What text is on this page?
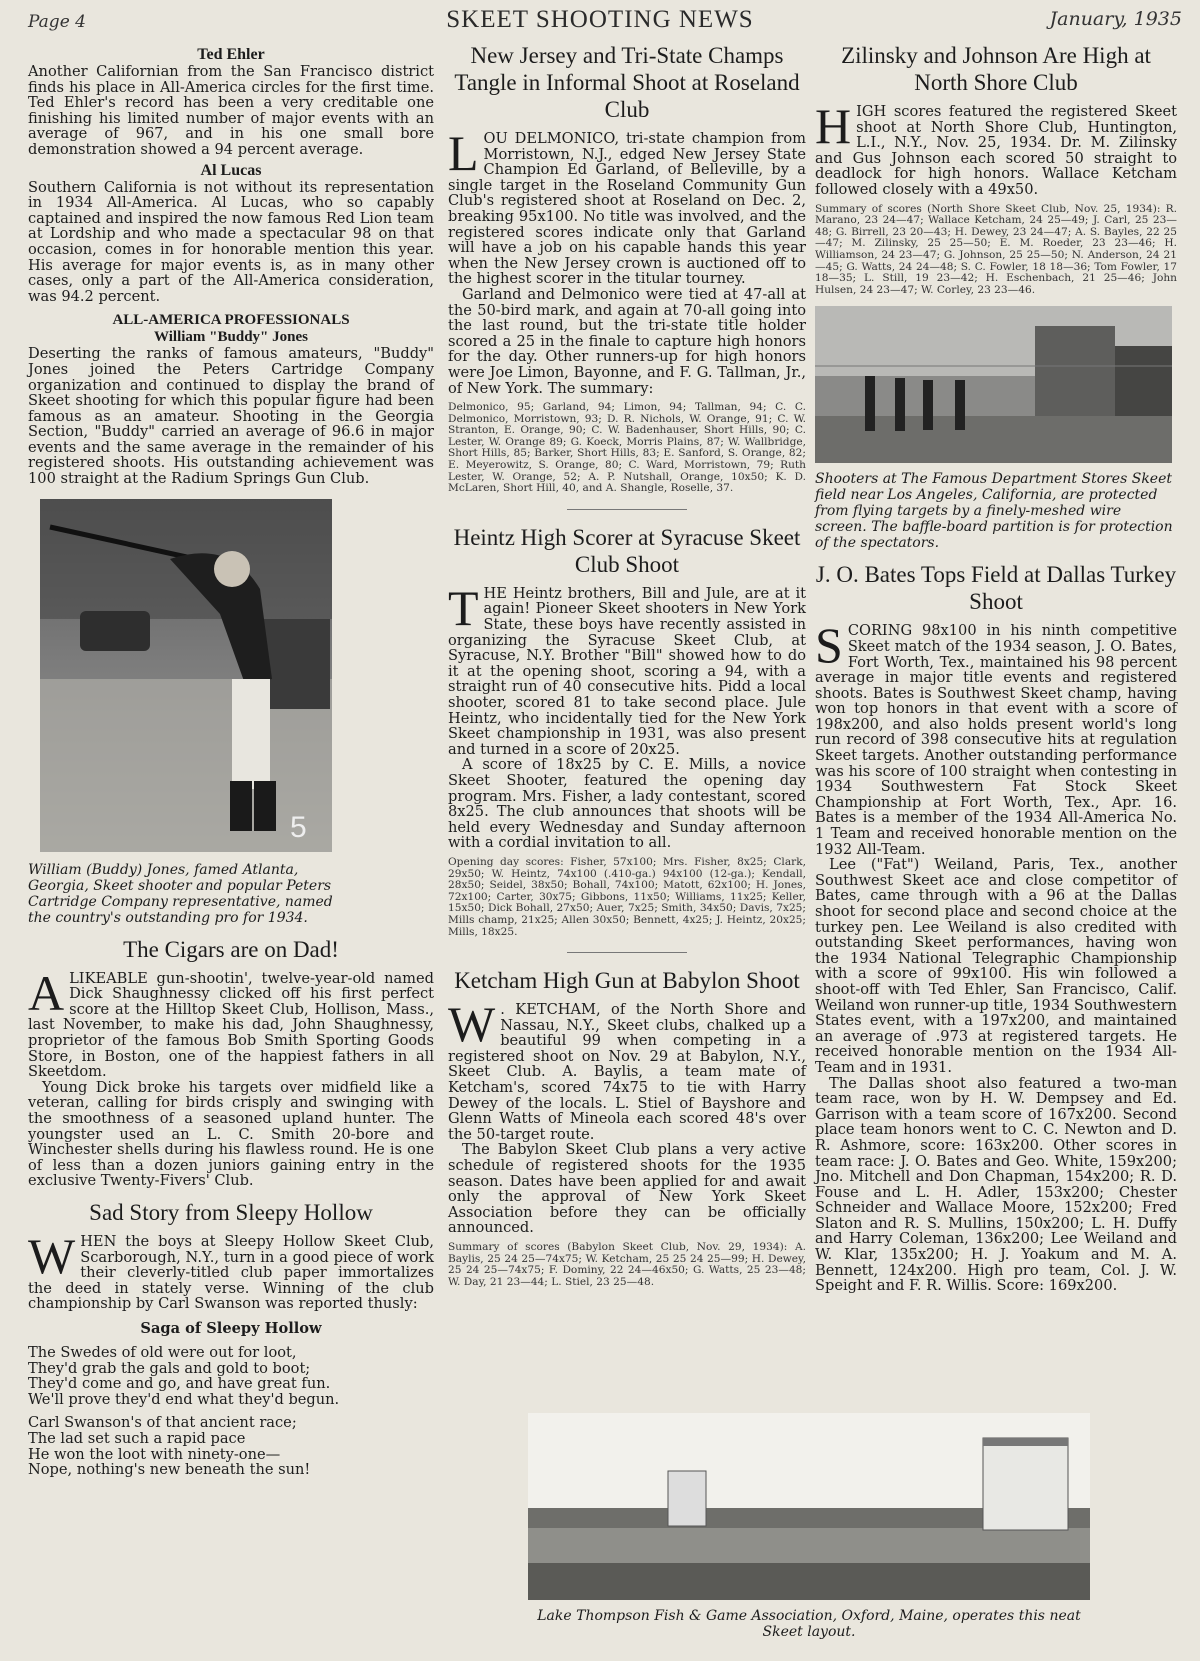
Page 4	SKEET SHOOTING NEWS	January, 1935
Ted Ehler

Another Californian from the San Francisco district finds his place in All-America circles for the first time. Ted Ehler's record has been a very creditable one finishing his limited number of major events with an average of 967, and in his one small bore demonstration showed a 94 percent average.

Al Lucas

Southern California is not without its representation in 1934 All-America. Al Lucas, who so capably captained and inspired the now famous Red Lion team at Lordship and who made a spectacular 98 on that occasion, comes in for honorable mention this year. His average for major events is, as in many other cases, only a part of the All-America consideration, was 94.2 percent.

ALL-AMERICA PROFESSIONALS
William "Buddy" Jones

Deserting the ranks of famous amateurs, "Buddy" Jones joined the Peters Cartridge Company organization and continued to display the brand of Skeet shooting for which this popular figure had been famous as an amateur. Shooting in the Georgia Section, "Buddy" carried an average of 96.6 in major events and the same average in the remainder of his registered shoots. His outstanding achievement was 100 straight at the Radium Springs Gun Club.

5
William (Buddy) Jones, famed Atlanta, Georgia, Skeet shooter and popular Peters Cartridge Company representative, named the country's outstanding pro for 1934.
The Cigars are on Dad!
A LIKEABLE gun-shootin', twelve-year-old named Dick Shaughnessy clicked off his first perfect score at the Hilltop Skeet Club, Hollison, Mass., last November, to make his dad, John Shaughnessy, proprietor of the famous Bob Smith Sporting Goods Store, in Boston, one of the happiest fathers in all Skeetdom.

Young Dick broke his targets over midfield like a veteran, calling for birds crisply and swinging with the smoothness of a seasoned upland hunter. The youngster used an L. C. Smith 20-bore and Winchester shells during his flawless round. He is one of less than a dozen juniors gaining entry in the exclusive Twenty-Fivers' Club.

Sad Story from Sleepy Hollow
W HEN the boys at Sleepy Hollow Skeet Club, Scarborough, N.Y., turn in a good piece of work their cleverly-titled club paper immortalizes the deed in stately verse. Winning of the club championship by Carl Swanson was reported thusly:
Saga of Sleepy Hollow
The Swedes of old were out for loot,
They'd grab the gals and gold to boot;
They'd come and go, and have great fun.
We'll prove they'd end what they'd begun.
Carl Swanson's of that ancient race;
The lad set such a rapid pace
He won the loot with ninety-one—
Nope, nothing's new beneath the sun!
New Jersey and Tri-State Champs Tangle in Informal Shoot at Roseland Club
L OU DELMONICO, tri-state champion from Morristown, N.J., edged New Jersey State Champion Ed Garland, of Belleville, by a single target in the Roseland Community Gun Club's registered shoot at Roseland on Dec. 2, breaking 95x100. No title was involved, and the registered scores indicate only that Garland will have a job on his capable hands this year when the New Jersey crown is auctioned off to the highest scorer in the titular tourney.

Garland and Delmonico were tied at 47-all at the 50-bird mark, and again at 70-all going into the last round, but the tri-state title holder scored a 25 in the finale to capture high honors for the day. Other runners-up for high honors were Joe Limon, Bayonne, and F. G. Tallman, Jr., of New York. The summary:

Delmonico, 95; Garland, 94; Limon, 94; Tallman, 94; C. C. Delmonico, Morristown, 93; D. R. Nichols, W. Orange, 91; C. W. Stranton, E. Orange, 90; C. W. Badenhauser, Short Hills, 90; C. Lester, W. Orange 89; G. Koeck, Morris Plains, 87; W. Wallbridge, Short Hills, 85; Barker, Short Hills, 83; E. Sanford, S. Orange, 82; E. Meyerowitz, S. Orange, 80; C. Ward, Morristown, 79; Ruth Lester, W. Orange, 52; A. P. Nutshall, Orange, 10x50; K. D. McLaren, Short Hill, 40, and A. Shangle, Roselle, 37.
Heintz High Scorer at Syracuse Skeet Club Shoot
T HE Heintz brothers, Bill and Jule, are at it again! Pioneer Skeet shooters in New York State, these boys have recently assisted in organizing the Syracuse Skeet Club, at Syracuse, N.Y. Brother "Bill" showed how to do it at the opening shoot, scoring a 94, with a straight run of 40 consecutive hits. Pidd a local shooter, scored 81 to take second place. Jule Heintz, who incidentally tied for the New York Skeet championship in 1931, was also present and turned in a score of 20x25.

A score of 18x25 by C. E. Mills, a novice Skeet Shooter, featured the opening day program. Mrs. Fisher, a lady contestant, scored 8x25. The club announces that shoots will be held every Wednesday and Sunday afternoon with a cordial invitation to all.

Opening day scores: Fisher, 57x100; Mrs. Fisher, 8x25; Clark, 29x50; W. Heintz, 74x100 (.410-ga.) 94x100 (12-ga.); Kendall, 28x50; Seidel, 38x50; Bohall, 74x100; Matott, 62x100; H. Jones, 72x100; Carter, 30x75; Gibbons, 11x50; Williams, 11x25; Keller, 15x50; Dick Bohall, 27x50; Auer, 7x25; Smith, 34x50; Davis, 7x25; Mills champ, 21x25; Allen 30x50; Bennett, 4x25; J. Heintz, 20x25; Mills, 18x25.
Ketcham High Gun at Babylon Shoot
W . KETCHAM, of the North Shore and Nassau, N.Y., Skeet clubs, chalked up a beautiful 99 when competing in a registered shoot on Nov. 29 at Babylon, N.Y., Skeet Club. A. Baylis, a team mate of Ketcham's, scored 74x75 to tie with Harry Dewey of the locals. L. Stiel of Bayshore and Glenn Watts of Mineola each scored 48's over the 50-target route.

The Babylon Skeet Club plans a very active schedule of registered shoots for the 1935 season. Dates have been applied for and await only the approval of New York Skeet Association before they can be officially announced.

Summary of scores (Babylon Skeet Club, Nov. 29, 1934): A. Baylis, 25 24 25—74x75; W. Ketcham, 25 25 24 25—99; H. Dewey, 25 24 25—74x75; F. Dominy, 22 24—46x50; G. Watts, 25 23—48; W. Day, 21 23—44; L. Stiel, 23 25—48.
Zilinsky and Johnson Are High at North Shore Club
H IGH scores featured the registered Skeet shoot at North Shore Club, Huntington, L.I., N.Y., Nov. 25, 1934. Dr. M. Zilinsky and Gus Johnson each scored 50 straight to deadlock for high honors. Wallace Ketcham followed closely with a 49x50.
Summary of scores (North Shore Skeet Club, Nov. 25, 1934): R. Marano, 23 24—47; Wallace Ketcham, 24 25—49; J. Carl, 25 23—48; G. Birrell, 23 20—43; H. Dewey, 23 24—47; A. S. Bayles, 22 25—47; M. Zilinsky, 25 25—50; E. M. Roeder, 23 23—46; H. Williamson, 24 23—47; G. Johnson, 25 25—50; N. Anderson, 24 21—45; G. Watts, 24 24—48; S. C. Fowler, 18 18—36; Tom Fowler, 17 18—35; L. Still, 19 23—42; H. Eschenbach, 21 25—46; John Hulsen, 24 23—47; W. Corley, 23 23—46.
Shooters at The Famous Department Stores Skeet field near Los Angeles, California, are protected from flying targets by a finely-meshed wire screen. The baffle-board partition is for protection of the spectators.
J. O. Bates Tops Field at Dallas Turkey Shoot
S CORING 98x100 in his ninth competitive Skeet match of the 1934 season, J. O. Bates, Fort Worth, Tex., maintained his 98 percent average in major title events and registered shoots. Bates is Southwest Skeet champ, having won top honors in that event with a score of 198x200, and also holds present world's long run record of 398 consecutive hits at regulation Skeet targets. Another outstanding performance was his score of 100 straight when contesting in 1934 Southwestern Fat Stock Skeet Championship at Fort Worth, Tex., Apr. 16. Bates is a member of the 1934 All-America No. 1 Team and received honorable mention on the 1932 All-Team.

Lee ("Fat") Weiland, Paris, Tex., another Southwest Skeet ace and close competitor of Bates, came through with a 96 at the Dallas shoot for second place and second choice at the turkey pen. Lee Weiland is also credited with outstanding Skeet performances, having won the 1934 National Telegraphic Championship with a score of 99x100. His win followed a shoot-off with Ted Ehler, San Francisco, Calif. Weiland won runner-up title, 1934 Southwestern States event, with a 197x200, and maintained an average of .973 at registered targets. He received honorable mention on the 1934 All-Team and in 1931.

The Dallas shoot also featured a two-man team race, won by H. W. Dempsey and Ed. Garrison with a team score of 167x200. Second place team honors went to C. C. Newton and D. R. Ashmore, score: 163x200. Other scores in team race: J. O. Bates and Geo. White, 159x200; Jno. Mitchell and Don Chapman, 154x200; R. D. Fouse and L. H. Adler, 153x200; Chester Schneider and Wallace Moore, 152x200; Fred Slaton and R. S. Mullins, 150x200; L. H. Duffy and Harry Coleman, 136x200; Lee Weiland and W. Klar, 135x200; H. J. Yoakum and M. A. Bennett, 124x200. High pro team, Col. J. W. Speight and F. R. Willis. Score: 169x200.

Lake Thompson Fish & Game Association, Oxford, Maine, operates this neat Skeet layout.
